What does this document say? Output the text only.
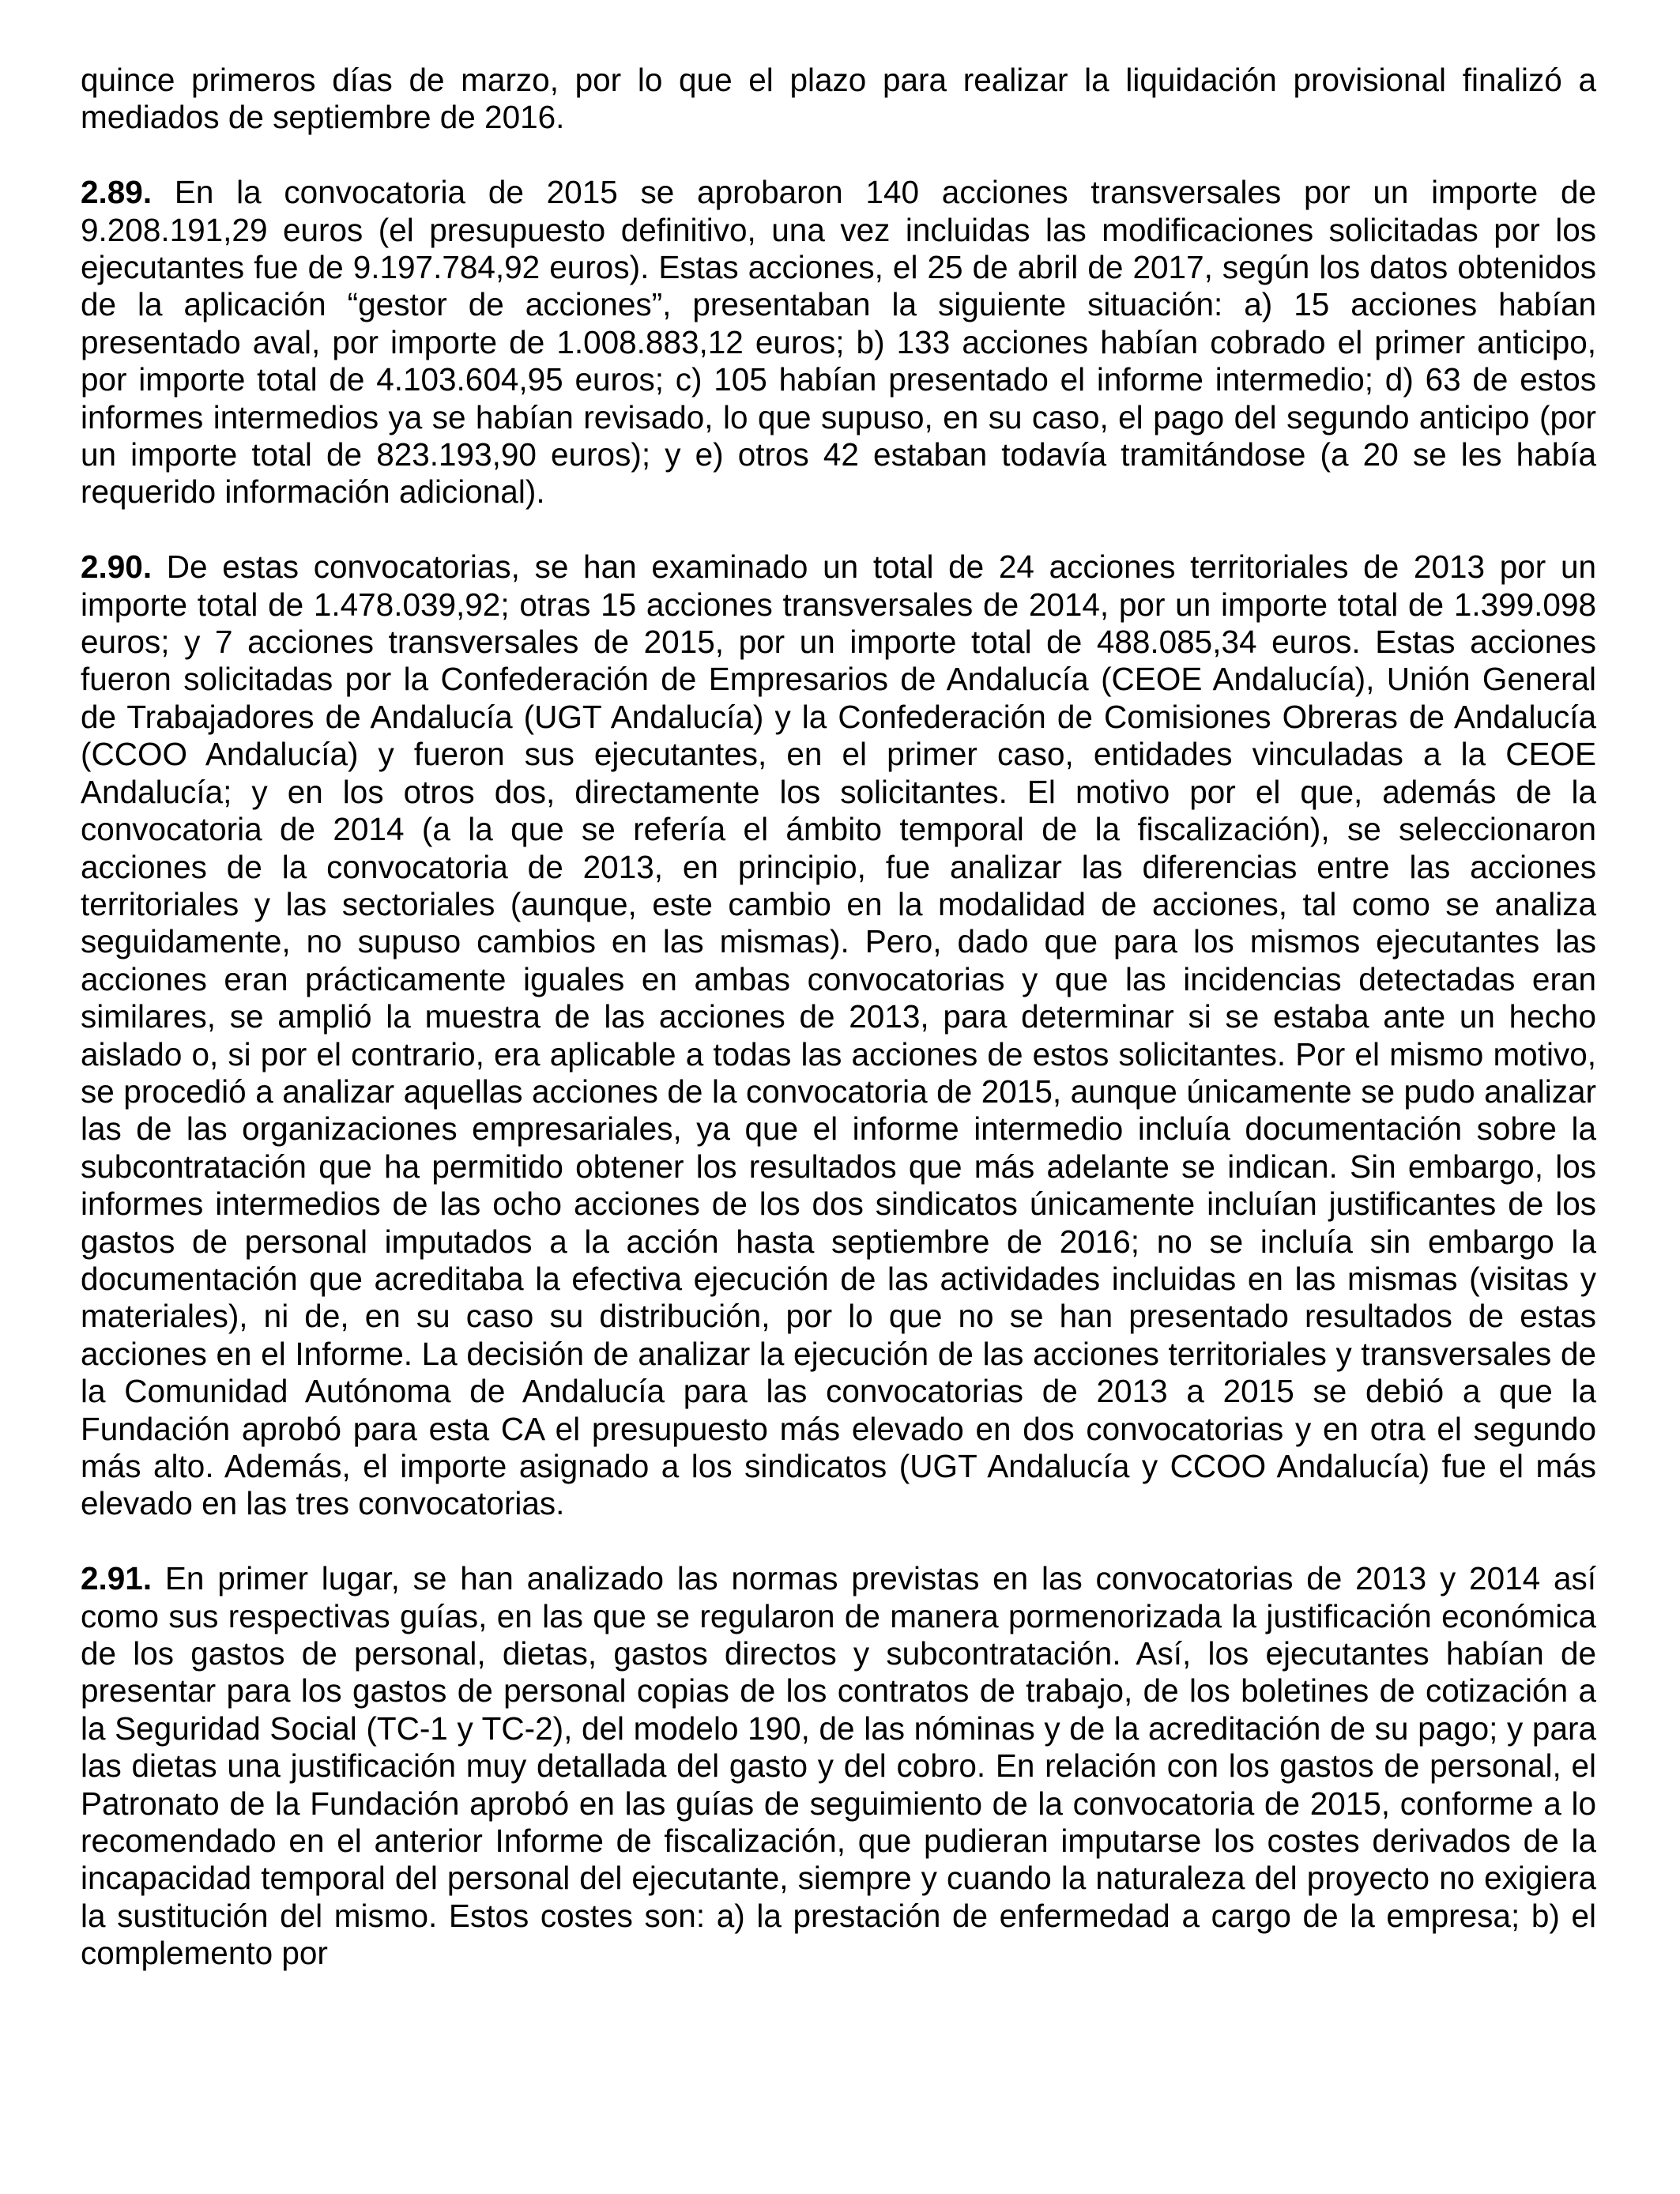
quince primeros días de marzo, por lo que el plazo para realizar la liquidación provisional finalizó a mediados de septiembre de 2016.

2.89. En la convocatoria de 2015 se aprobaron 140 acciones transversales por un importe de 9.208.191,29 euros (el presupuesto definitivo, una vez incluidas las modificaciones solicitadas por los ejecutantes fue de 9.197.784,92 euros). Estas acciones, el 25 de abril de 2017, según los datos obtenidos de la aplicación “gestor de acciones”, presentaban la siguiente situación: a) 15 acciones habían presentado aval, por importe de 1.008.883,12 euros; b) 133 acciones habían cobrado el primer anticipo, por importe total de 4.103.604,95 euros; c) 105 habían presentado el informe intermedio; d) 63 de estos informes intermedios ya se habían revisado, lo que supuso, en su caso, el pago del segundo anticipo (por un importe total de 823.193,90 euros); y e) otros 42 estaban todavía tramitándose (a 20 se les había requerido información adicional).

2.90. De estas convocatorias, se han examinado un total de 24 acciones territoriales de 2013 por un importe total de 1.478.039,92; otras 15 acciones transversales de 2014, por un importe total de 1.399.098 euros; y 7 acciones transversales de 2015, por un importe total de 488.085,34 euros. Estas acciones fueron solicitadas por la Confederación de Empresarios de Andalucía (CEOE Andalucía), Unión General de Trabajadores de Andalucía (UGT Andalucía) y la Confederación de Comisiones Obreras de Andalucía (CCOO Andalucía) y fueron sus ejecutantes, en el primer caso, entidades vinculadas a la CEOE Andalucía; y en los otros dos, directamente los solicitantes. El motivo por el que, además de la convocatoria de 2014 (a la que se refería el ámbito temporal de la fiscalización), se seleccionaron acciones de la convocatoria de 2013, en principio, fue analizar las diferencias entre las acciones territoriales y las sectoriales (aunque, este cambio en la modalidad de acciones, tal como se analiza seguidamente, no supuso cambios en las mismas). Pero, dado que para los mismos ejecutantes las acciones eran prácticamente iguales en ambas convocatorias y que las incidencias detectadas eran similares, se amplió la muestra de las acciones de 2013, para determinar si se estaba ante un hecho aislado o, si por el contrario, era aplicable a todas las acciones de estos solicitantes. Por el mismo motivo, se procedió a analizar aquellas acciones de la convocatoria de 2015, aunque únicamente se pudo analizar las de las organizaciones empresariales, ya que el informe intermedio incluía documentación sobre la subcontratación que ha permitido obtener los resultados que más adelante se indican. Sin embargo, los informes intermedios de las ocho acciones de los dos sindicatos únicamente incluían justificantes de los gastos de personal imputados a la acción hasta septiembre de 2016; no se incluía sin embargo la documentación que acreditaba la efectiva ejecución de las actividades incluidas en las mismas (visitas y materiales), ni de, en su caso su distribución, por lo que no se han presentado resultados de estas acciones en el Informe. La decisión de analizar la ejecución de las acciones territoriales y transversales de la Comunidad Autónoma de Andalucía para las convocatorias de 2013 a 2015 se debió a que la Fundación aprobó para esta CA el presupuesto más elevado en dos convocatorias y en otra el segundo más alto. Además, el importe asignado a los sindicatos (UGT Andalucía y CCOO Andalucía) fue el más elevado en las tres convocatorias.

2.91. En primer lugar, se han analizado las normas previstas en las convocatorias de 2013 y 2014 así como sus respectivas guías, en las que se regularon de manera pormenorizada la justificación económica de los gastos de personal, dietas, gastos directos y subcontratación. Así, los ejecutantes habían de presentar para los gastos de personal copias de los contratos de trabajo, de los boletines de cotización a la Seguridad Social (TC-1 y TC-2), del modelo 190, de las nóminas y de la acreditación de su pago; y para las dietas una justificación muy detallada del gasto y del cobro. En relación con los gastos de personal, el Patronato de la Fundación aprobó en las guías de seguimiento de la convocatoria de 2015, conforme a lo recomendado en el anterior Informe de fiscalización, que pudieran imputarse los costes derivados de la incapacidad temporal del personal del ejecutante, siempre y cuando la naturaleza del proyecto no exigiera la sustitución del mismo. Estos costes son: a) la prestación de enfermedad a cargo de la empresa; b) el complemento por
